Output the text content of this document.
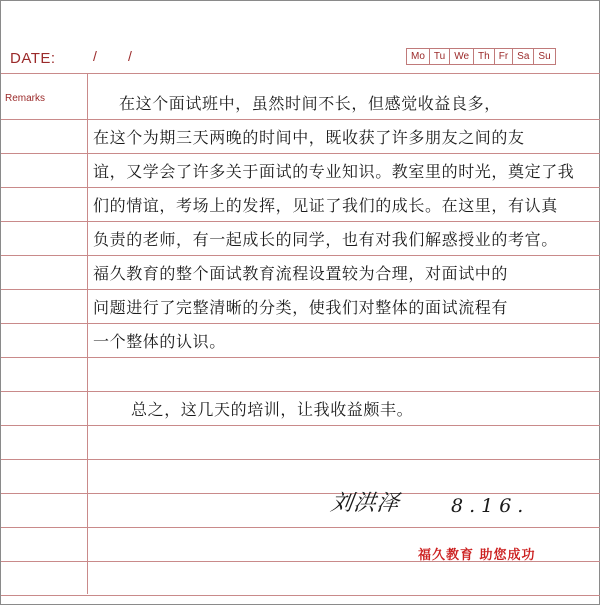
DATE:	/ /	Mo Tu We Th Fr Sa Su
Remarks	在这个面试班中，虽然时间不长，但感觉收益良多，
在这个为期三天两晚的时间中，既收获了许多朋友之间的友
谊，又学会了许多关于面试的专业知识。教室里的时光，奠定了我
们的情谊，考场上的发挥，见证了我们的成长。在这里，有认真
负责的老师，有一起成长的同学，也有对我们解惑授业的考官。
福久教育的整个面试教育流程设置较为合理，对面试中的
问题进行了完整清晰的分类，使我们对整体的面试流程有
一个整体的认识。
总之，这几天的培训，让我收益颇丰。
刘洪泽	8.16.
福久教育 助您成功
